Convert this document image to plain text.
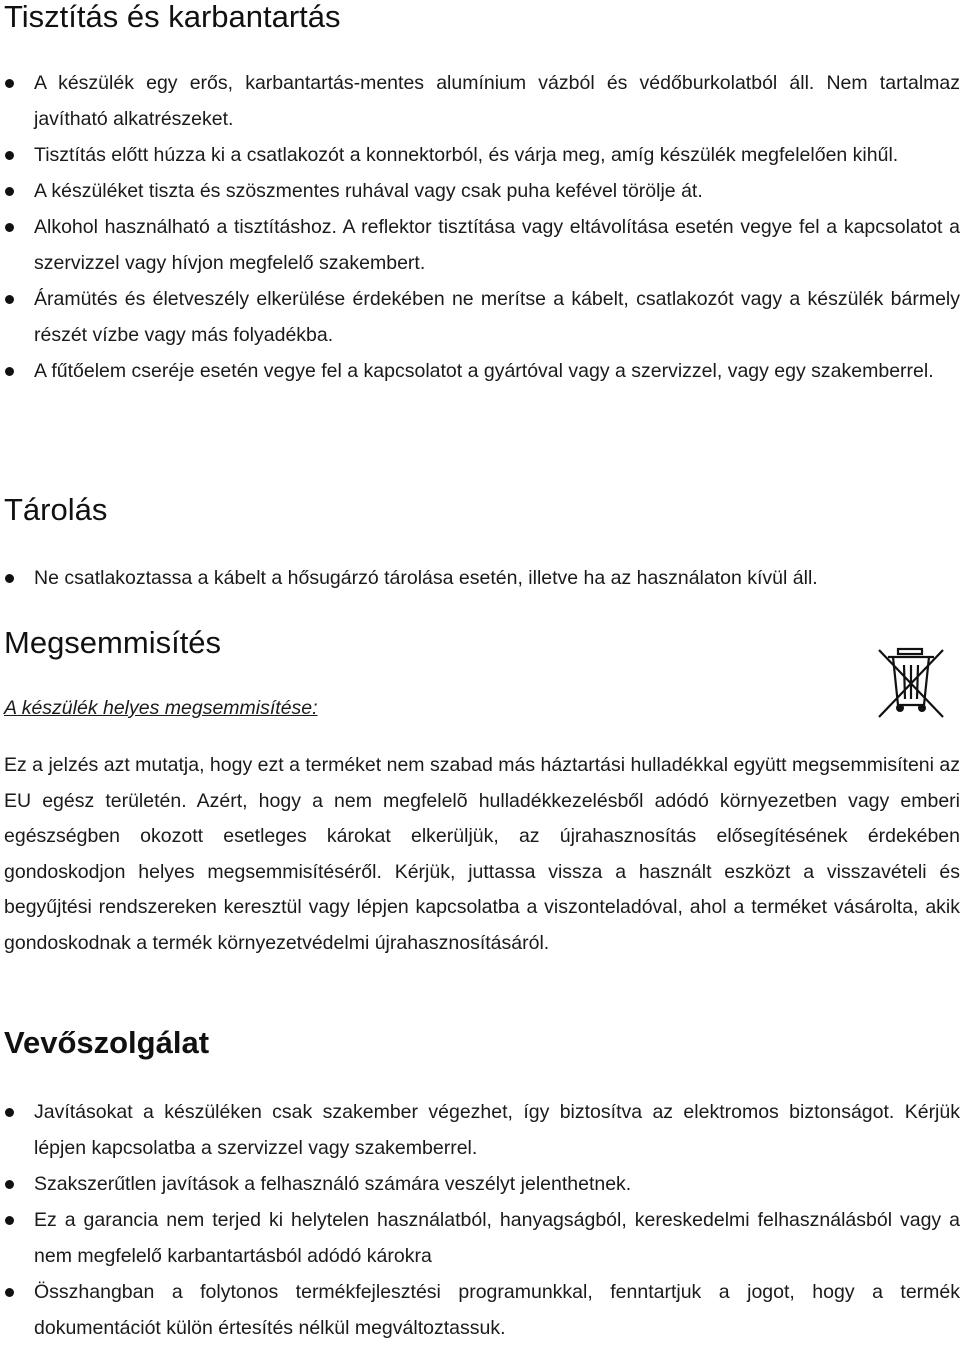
Tisztítás és karbantartás
A készülék egy erős, karbantartás-mentes alumínium vázból és védőburkolatból áll. Nem tartalmaz javítható alkatrészeket.
Tisztítás előtt húzza ki a csatlakozót a konnektorból, és várja meg, amíg készülék megfelelően kihűl.
A készüléket tiszta és szöszmentes ruhával vagy csak puha kefével törölje át.
Alkohol használható a tisztításhoz. A reflektor tisztítása vagy eltávolítása esetén vegye fel a kapcsolatot a szervizzel vagy hívjon megfelelő szakembert.
Áramütés és életveszély elkerülése érdekében ne merítse a kábelt, csatlakozót vagy a készülék bármely részét vízbe vagy más folyadékba.
A fűtőelem cseréje esetén vegye fel a kapcsolatot a gyártóval vagy a szervizzel, vagy egy szakemberrel.
Tárolás
Ne csatlakoztassa a kábelt a hősugárzó tárolása esetén, illetve ha az használaton kívül áll.
Megsemmisítés
A készülék helyes megsemmisítése:

Ez a jelzés azt mutatja, hogy ezt a terméket nem szabad más háztartási hulladékkal együtt megsemmisíteni az EU egész területén. Azért, hogy a nem megfelelõ hulladékkezelésből adódó környezetben vagy emberi egészségben okozott esetleges károkat elkerüljük, az újrahasznosítás elősegítésének érdekében gondoskodjon helyes megsemmisítéséről. Kérjük, juttassa vissza a használt eszközt a visszavételi és begyűjtési rendszereken keresztül vagy lépjen kapcsolatba a viszonteladóval, ahol a terméket vásárolta, akik gondoskodnak a termék környezetvédelmi újrahasznosításáról.

Vevőszolgálat
Javításokat a készüléken csak szakember végezhet, így biztosítva az elektromos biztonságot. Kérjük lépjen kapcsolatba a szervizzel vagy szakemberrel.
Szakszerűtlen javítások a felhasználó számára veszélyt jelenthetnek.
Ez a garancia nem terjed ki helytelen használatból, hanyagságból, kereskedelmi felhasználásból vagy a nem megfelelő karbantartásból adódó károkra
Összhangban a folytonos termékfejlesztési programunkkal, fenntartjuk a jogot, hogy a termék dokumentációt külön értesítés nélkül megváltoztassuk.
